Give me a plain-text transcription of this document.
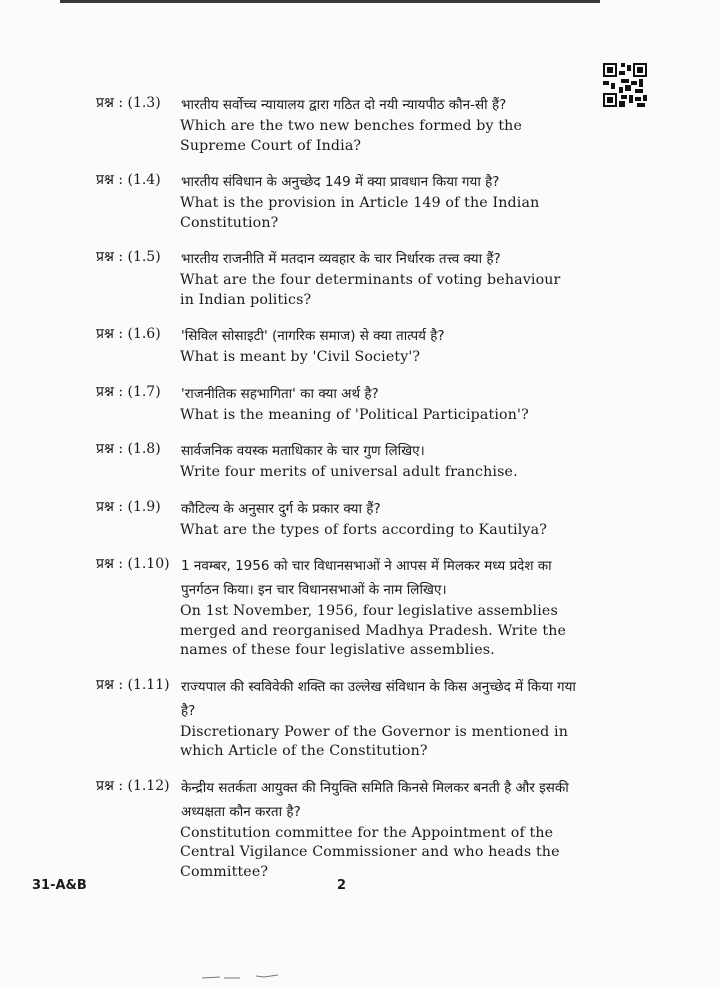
प्रश्न : (1.3) भारतीय सर्वोच्च न्यायालय द्वारा गठित दो नयी न्यायपीठ कौन-सी हैं?
Which are the two new benches formed by the Supreme Court of India?
प्रश्न : (1.4) भारतीय संविधान के अनुच्छेद 149 में क्या प्रावधान किया गया है?
What is the provision in Article 149 of the Indian Constitution?
प्रश्न : (1.5) भारतीय राजनीति में मतदान व्यवहार के चार निर्धारक तत्त्व क्या हैं?
What are the four determinants of voting behaviour in Indian politics?
प्रश्न : (1.6) 'सिविल सोसाइटी' (नागरिक समाज) से क्या तात्पर्य है?
What is meant by 'Civil Society'?
प्रश्न : (1.7) 'राजनीतिक सहभागिता' का क्या अर्थ है?
What is the meaning of 'Political Participation'?
प्रश्न : (1.8) सार्वजनिक वयस्क मताधिकार के चार गुण लिखिए।
Write four merits of universal adult franchise.
प्रश्न : (1.9) कौटिल्य के अनुसार दुर्ग के प्रकार क्या हैं?
What are the types of forts according to Kautilya?
प्रश्न : (1.10) 1 नवम्बर, 1956 को चार विधानसभाओं ने आपस में मिलकर मध्य प्रदेश का पुनर्गठन किया। इन चार विधानसभाओं के नाम लिखिए।
On 1st November, 1956, four legislative assemblies merged and reorganised Madhya Pradesh. Write the names of these four legislative assemblies.
प्रश्न : (1.11) राज्यपाल की स्वविवेकी शक्ति का उल्लेख संविधान के किस अनुच्छेद में किया गया है?
Discretionary Power of the Governor is mentioned in which Article of the Constitution?
प्रश्न : (1.12) केन्द्रीय सतर्कता आयुक्त की नियुक्ति समिति किनसे मिलकर बनती है और इसकी अध्यक्षता कौन करता है?
Constitution committee for the Appointment of the Central Vigilance Commissioner and who heads the Committee?
31-A&B	2
